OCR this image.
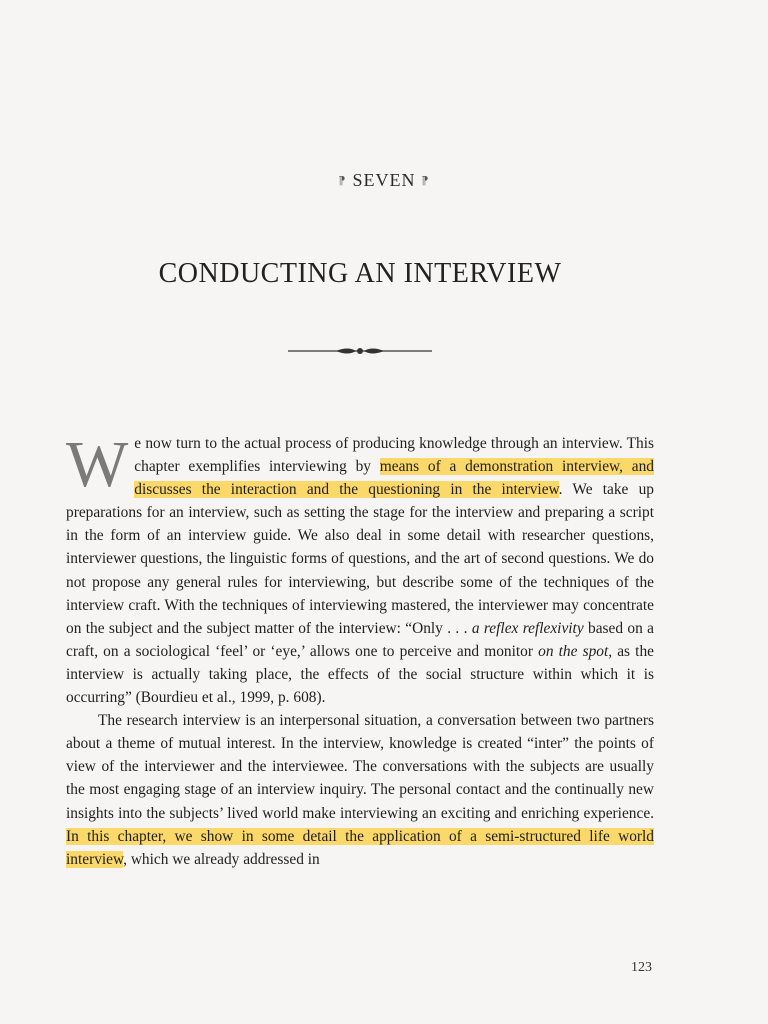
⁋ SEVEN ⁋
CONDUCTING AN INTERVIEW

We now turn to the actual process of producing knowledge through an interview. This chapter exemplifies interviewing by means of a demonstration interview, and discusses the interaction and the questioning in the interview. We take up preparations for an interview, such as setting the stage for the interview and preparing a script in the form of an interview guide. We also deal in some detail with researcher questions, interviewer questions, the linguistic forms of questions, and the art of second questions. We do not propose any general rules for interviewing, but describe some of the techniques of the interview craft. With the techniques of interviewing mastered, the interviewer may concentrate on the subject and the subject matter of the interview: “Only . . . a reflex reflexivity based on a craft, on a sociological ‘feel’ or ‘eye,’ allows one to perceive and monitor on the spot, as the interview is actually taking place, the effects of the social structure within which it is occurring” (Bourdieu et al., 1999, p. 608).

The research interview is an interpersonal situation, a conversation between two partners about a theme of mutual interest. In the interview, knowledge is created “inter” the points of view of the interviewer and the interviewee. The conversations with the subjects are usually the most engaging stage of an interview inquiry. The personal contact and the continually new insights into the subjects’ lived world make interviewing an exciting and enriching experience. In this chapter, we show in some detail the application of a semi-structured life world interview, which we already addressed in

123
